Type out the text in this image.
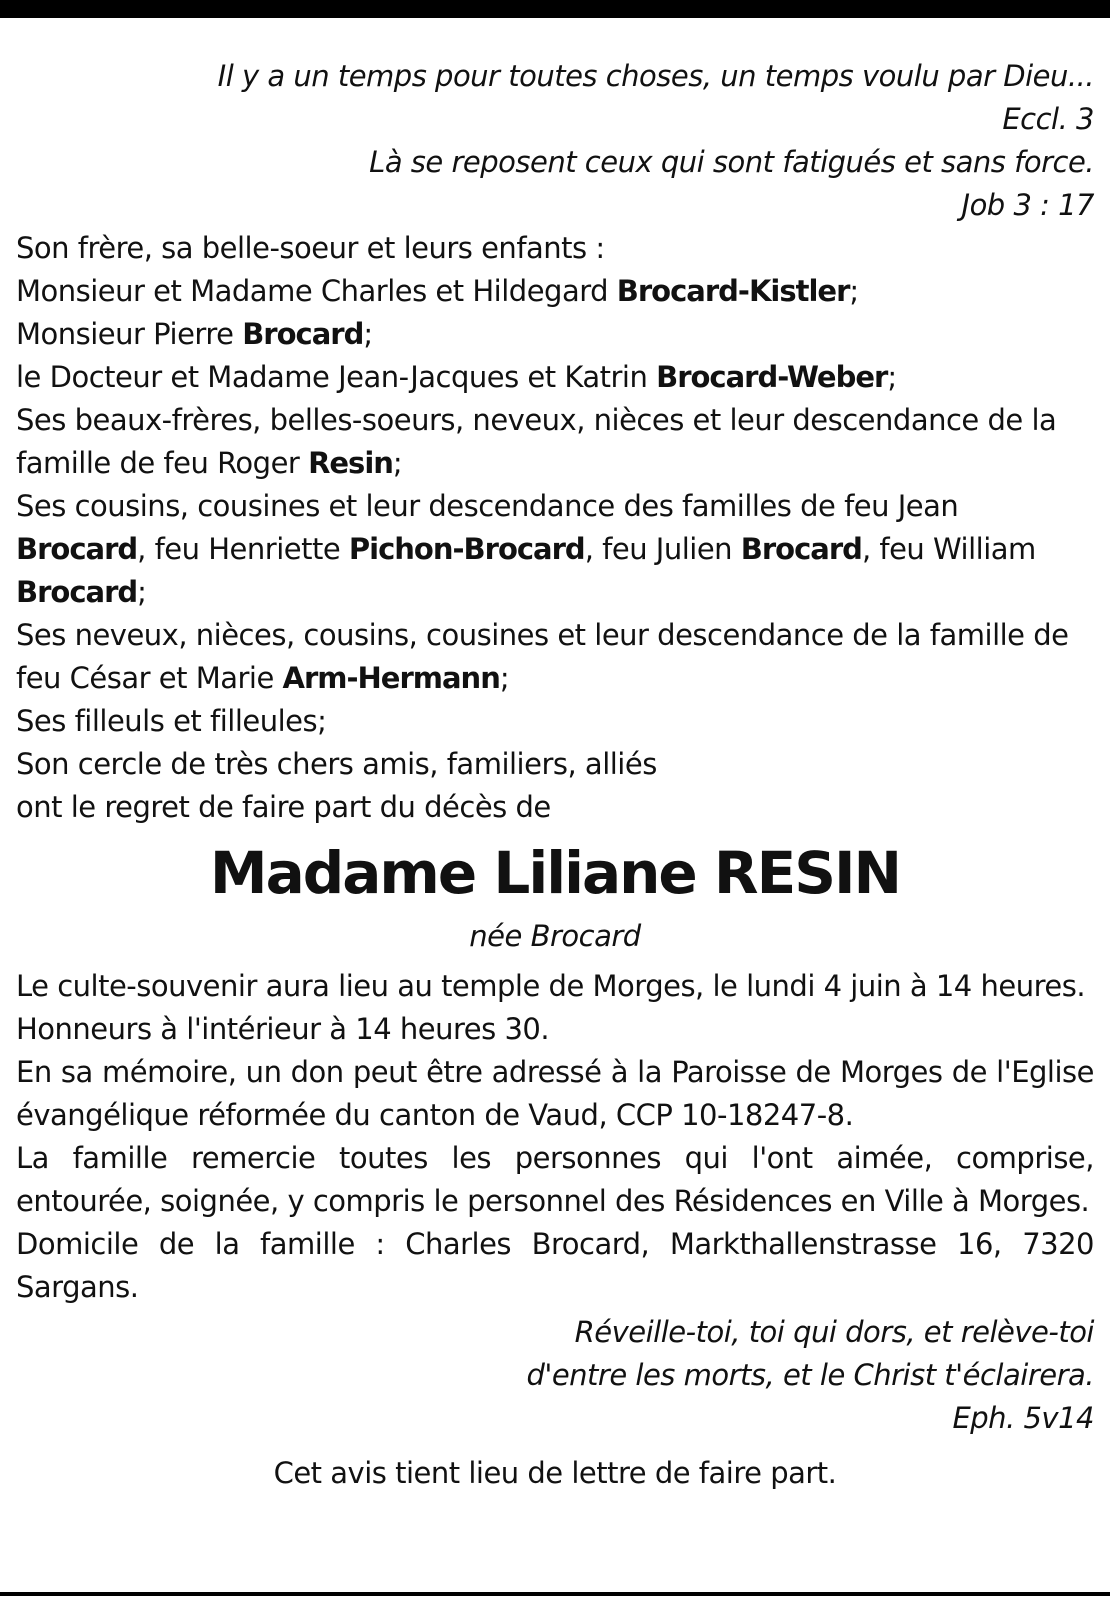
Il y a un temps pour toutes choses, un temps voulu par Dieu...
Eccl. 3
Là se reposent ceux qui sont fatigués et sans force.
Job 3 : 17
Son frère, sa belle-soeur et leurs enfants :
Monsieur et Madame Charles et Hildegard Brocard-Kistler;
Monsieur Pierre Brocard;
le Docteur et Madame Jean-Jacques et Katrin Brocard-Weber;
Ses beaux-frères, belles-soeurs, neveux, nièces et leur descendance de la famille de feu Roger Resin;
Ses cousins, cousines et leur descendance des familles de feu Jean Brocard, feu Henriette Pichon-Brocard, feu Julien Brocard, feu William Brocard;
Ses neveux, nièces, cousins, cousines et leur descendance de la famille de feu César et Marie Arm-Hermann;
Ses filleuls et filleules;
Son cercle de très chers amis, familiers, alliés
ont le regret de faire part du décès de
Madame Liliane RESIN
née Brocard
Le culte-souvenir aura lieu au temple de Morges, le lundi 4 juin à 14 heures.
Honneurs à l'intérieur à 14 heures 30.
En sa mémoire, un don peut être adressé à la Paroisse de Morges de l'Eglise évangélique réformée du canton de Vaud, CCP 10-18247-8.
La famille remercie toutes les personnes qui l'ont aimée, comprise, entourée, soignée, y compris le personnel des Résidences en Ville à Morges.
Domicile de la famille : Charles Brocard, Markthallenstrasse 16, 7320 Sargans.
Réveille-toi, toi qui dors, et relève-toi
d'entre les morts, et le Christ t'éclairera.
Eph. 5v14
Cet avis tient lieu de lettre de faire part.
